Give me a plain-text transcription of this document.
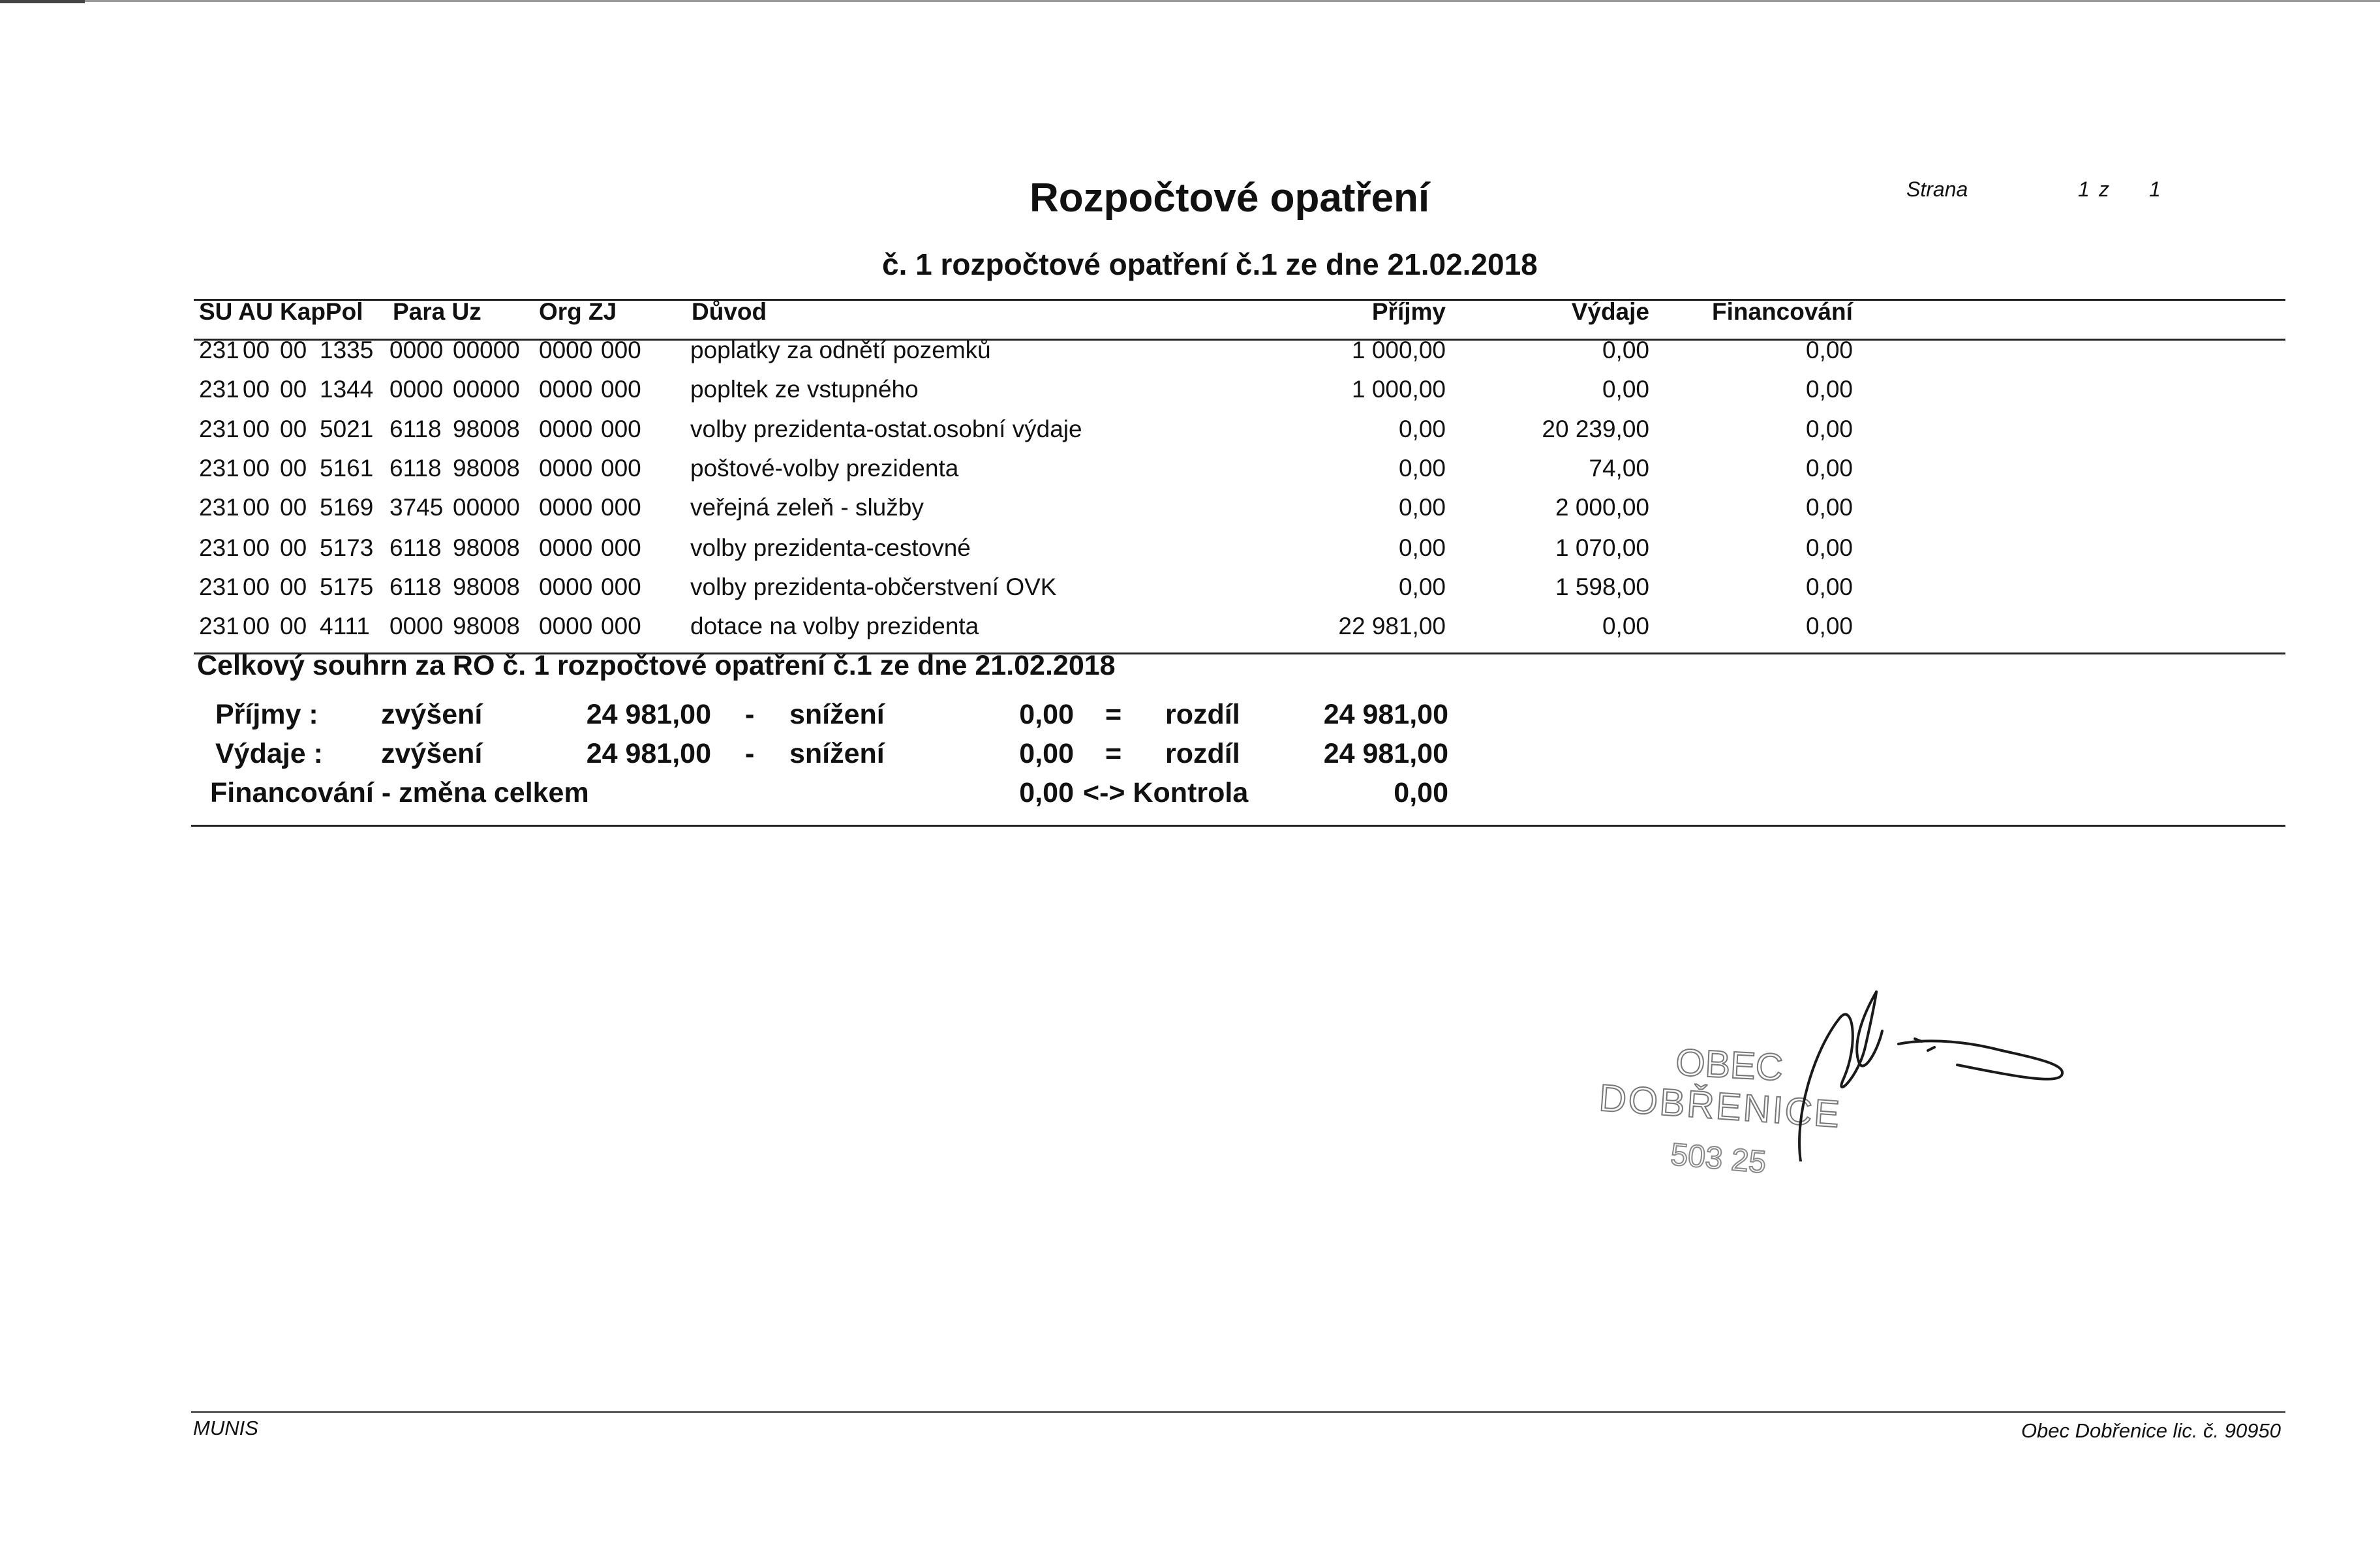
Rozpočtové opatření
č. 1 rozpočtové opatření č.1 ze dne 21.02.2018
Strana	1 z 1
SU AU KapPol Para Uz Org ZJ	Důvod	Příjmy	Výdaje	Financování
231 00 00 1335 0000 00000 0000 000 poplatky za odnětí pozemků	1 000,00	0,00	0,00
231 00 00 1344 0000 00000 0000 000 popltek ze vstupného	1 000,00	0,00	0,00
231 00 00 5021 6118 98008 0000 000 volby prezidenta-ostat.osobní výdaje	0,00	20 239,00	0,00
231 00 00 5161 6118 98008 0000 000 poštové-volby prezidenta	0,00	74,00	0,00
231 00 00 5169 3745 00000 0000 000 veřejná zeleň - služby	0,00	2 000,00	0,00
231 00 00 5173 6118 98008 0000 000 volby prezidenta-cestovné	0,00	1 070,00	0,00
231 00 00 5175 6118 98008 0000 000 volby prezidenta-občerstvení OVK	0,00	1 598,00	0,00
231 00 00 4111 0000 98008 0000 000 dotace na volby prezidenta	22 981,00	0,00	0,00
Celkový souhrn za RO č. 1 rozpočtové opatření č.1 ze dne 21.02.2018
Příjmy : zvýšení	24 981,00 - snížení	0,00 = rozdíl	24 981,00
Výdaje : zvýšení	24 981,00 - snížení	0,00 = rozdíl	24 981,00
Financování - změna celkem	0,00 <-> Kontrola	0,00
OBEC
DOBŘENICE
503 25
MUNIS	Obec Dobřenice lic. č. 90950
